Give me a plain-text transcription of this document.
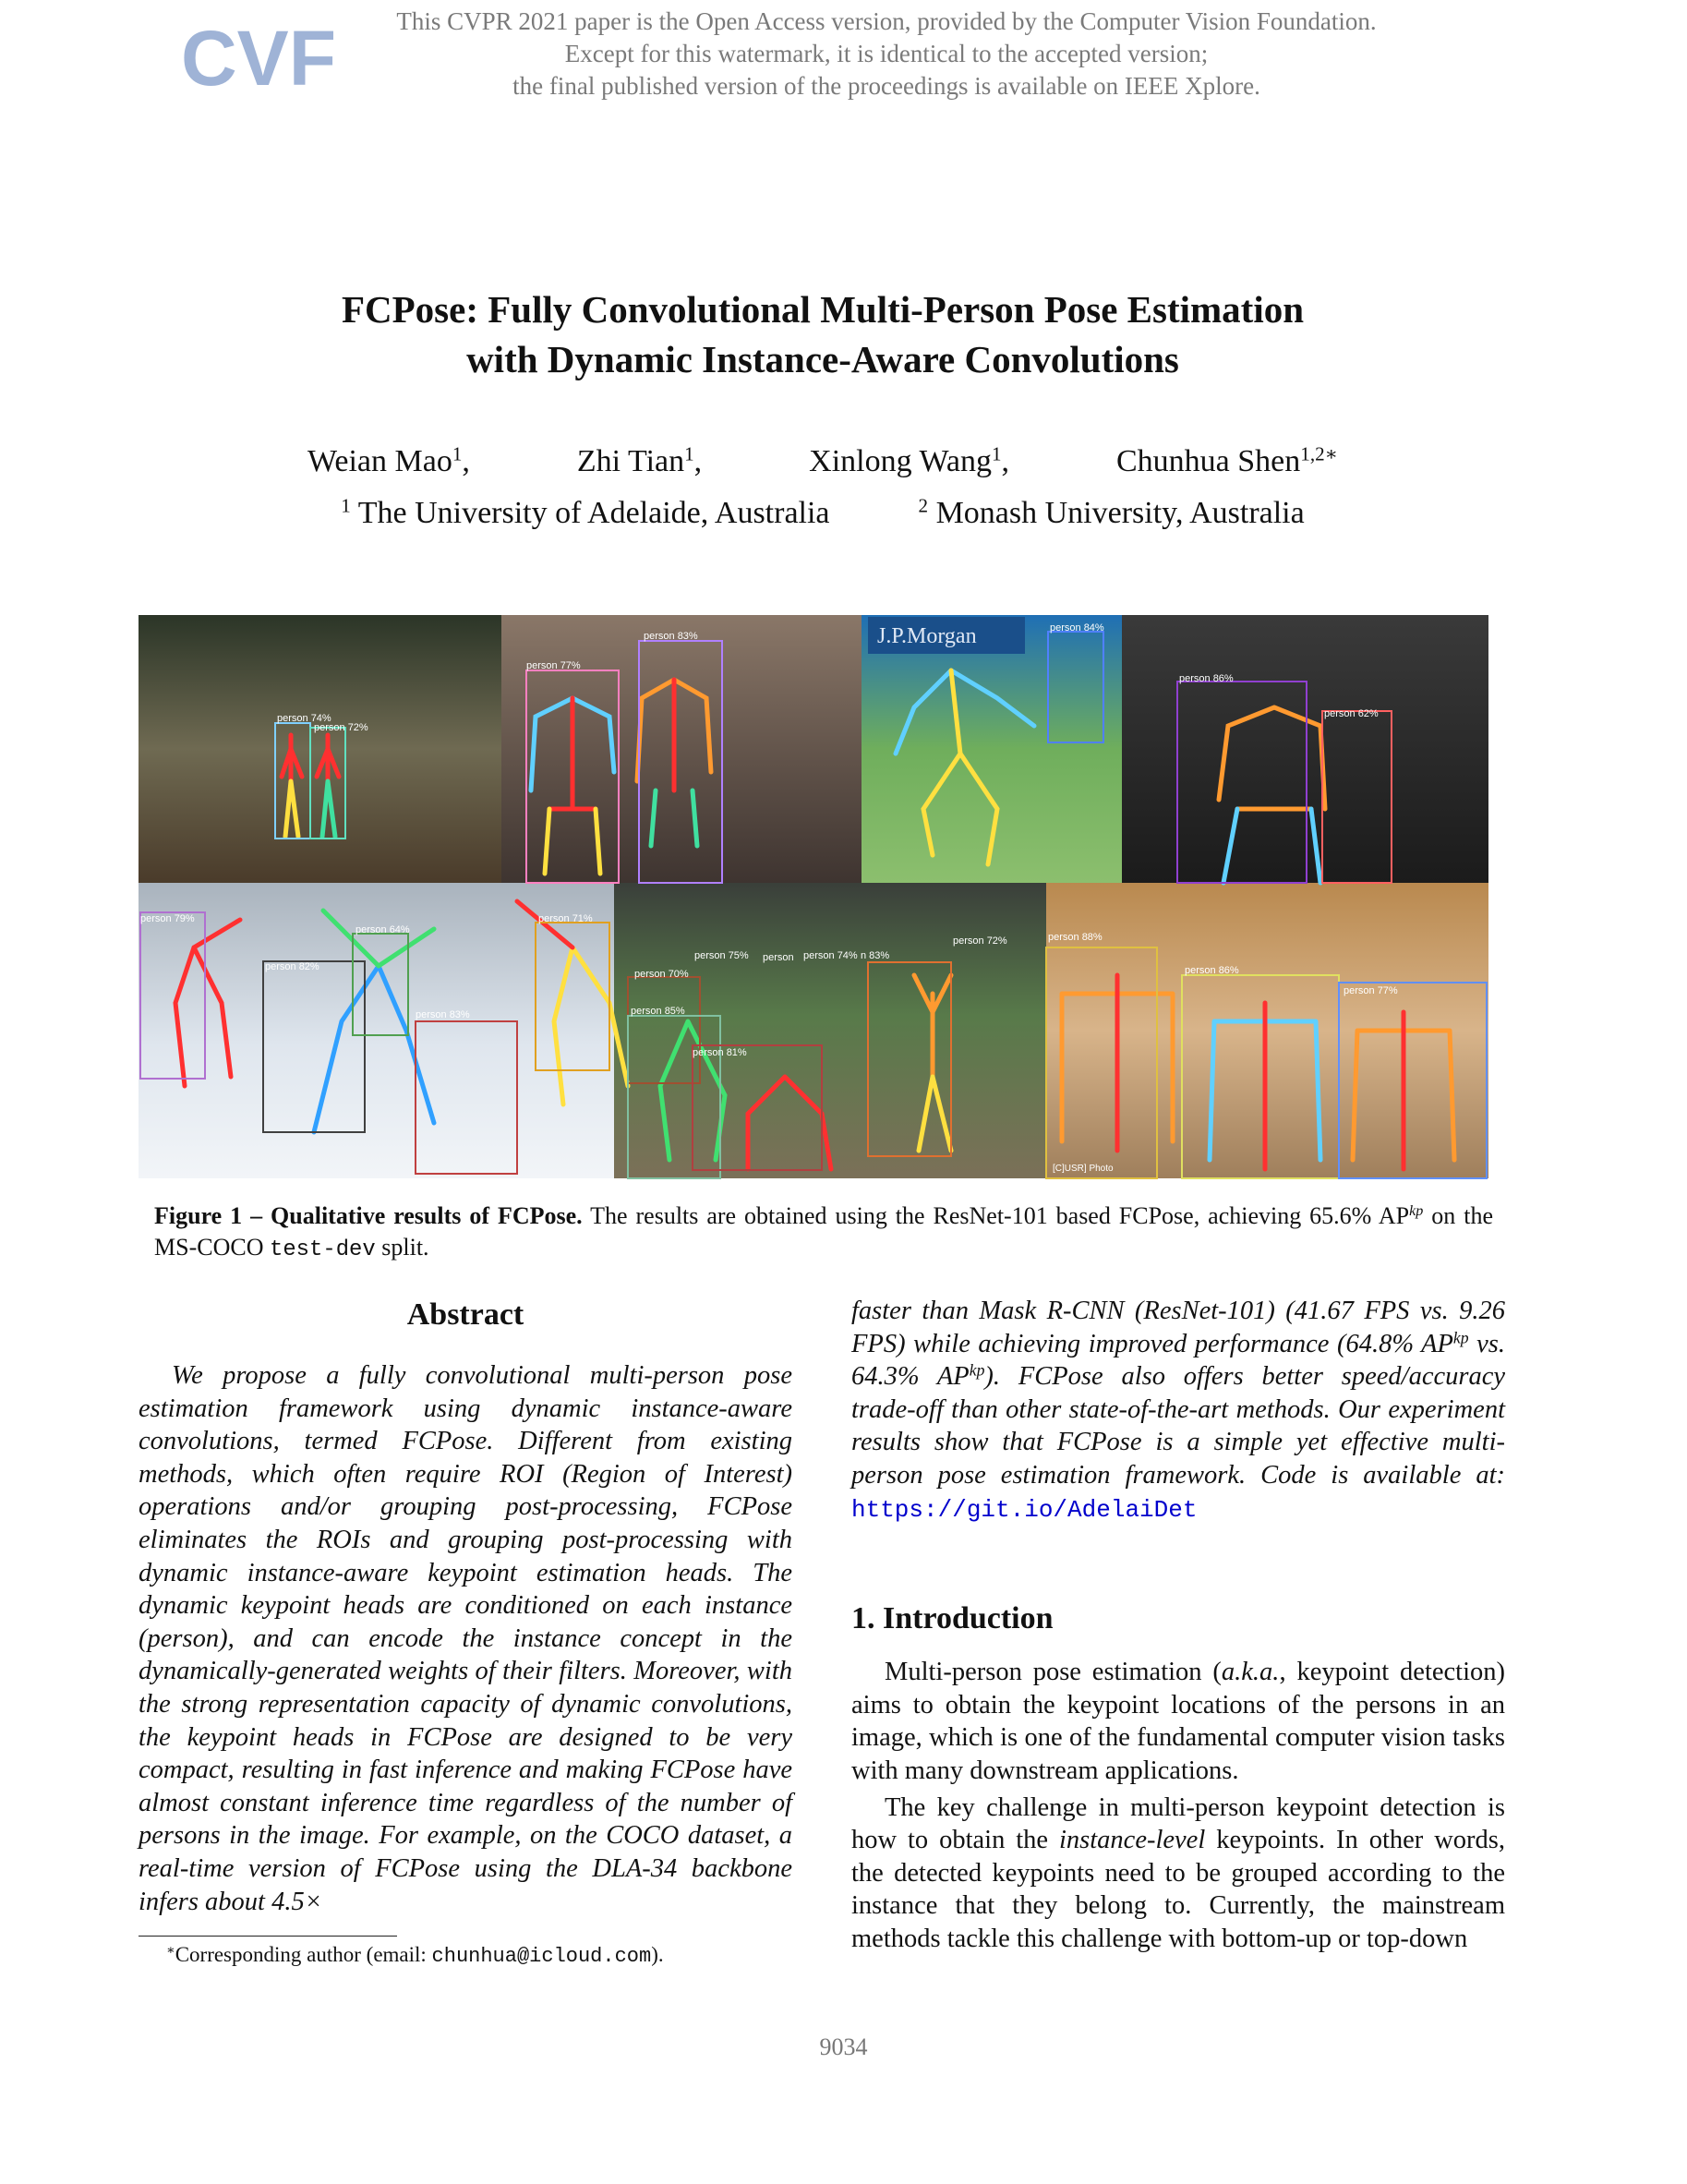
CVF	This CVPR 2021 paper is the Open Access version, provided by the Computer Vision Foundation.
Except for this watermark, it is identical to the accepted version;
the final published version of the proceedings is available on IEEE Xplore.
FCPose: Fully Convolutional Multi-Person Pose Estimation
with Dynamic Instance-Aware Convolutions
Weian Mao$^1$,	Zhi Tian$^1$,	Xinlong Wang$^1$,	Chunhua Shen$^{1,2∗}$
$^1$ The University of Adelaide, Australia	$^2$ Monash University, Australia
J.P.Morgan
person 74%
person 72%
person 77%
person 83%
person 84%
person 86%
person 62%
person 79%
person 82%
person 64%
person 83%
person 71%
person 70%
person 75% person person 74% n 83%
person 72%
person 85%
person 81%
person 88%
person 86%
person 77%
[C]USR] Photo
Figure 1 – Qualitative results of FCPose. The results are obtained using the ResNet-101 based FCPose, achieving 65.6% $AP^{kp}$ on the MS-COCO test-dev split.
Abstract

We propose a fully convolutional multi-person pose estimation framework using dynamic instance-aware convolutions, termed FCPose. Different from existing methods, which often require ROI (Region of Interest) operations and/or grouping post-processing, FCPose eliminates the ROIs and grouping post-processing with dynamic instance-aware keypoint estimation heads. The dynamic keypoint heads are conditioned on each instance (person), and can encode the instance concept in the dynamically-generated weights of their filters. Moreover, with the strong representation capacity of dynamic convolutions, the keypoint heads in FCPose are designed to be very compact, resulting in fast inference and making FCPose have almost constant inference time regardless of the number of persons in the image. For example, on the COCO dataset, a real-time version of FCPose using the DLA-34 backbone infers about 4.5×

∗Corresponding author (email: chunhua@icloud.com).

faster than Mask R-CNN (ResNet-101) (41.67 FPS vs. 9.26 FPS) while achieving improved performance (64.8% $AP^{kp}$ vs. 64.3% $AP^{kp}$). FCPose also offers better speed/accuracy trade-off than other state-of-the-art methods. Our experiment results show that FCPose is a simple yet effective multi-person pose estimation framework. Code is available at: https://git.io/AdelaiDet

1. Introduction

Multi-person pose estimation (a.k.a., keypoint detection) aims to obtain the keypoint locations of the persons in an image, which is one of the fundamental computer vision tasks with many downstream applications.

The key challenge in multi-person keypoint detection is how to obtain the instance-level keypoints. In other words, the detected keypoints need to be grouped according to the instance that they belong to. Currently, the mainstream methods tackle this challenge with bottom-up or top-down

9034
